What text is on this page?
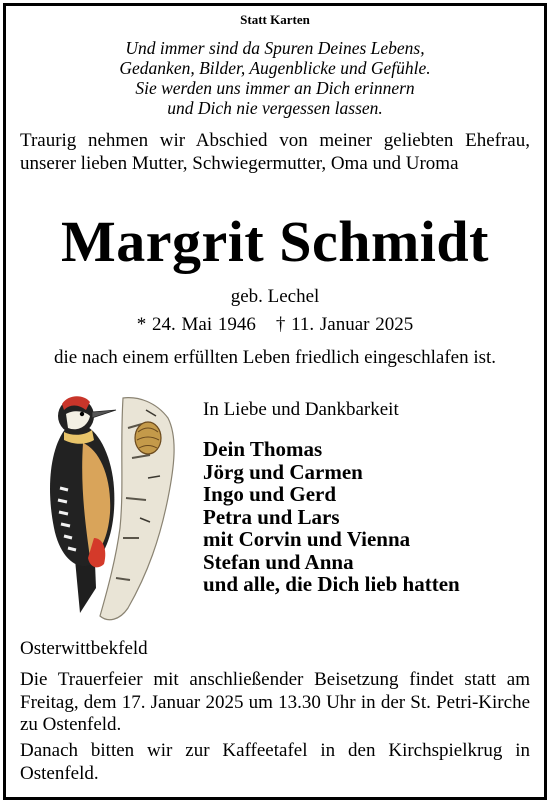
Statt Karten
Und immer sind da Spuren Deines Lebens,
Gedanken, Bilder, Augenblicke und Gefühle.
Sie werden uns immer an Dich erinnern
und Dich nie vergessen lassen.
Traurig nehmen wir Abschied von meiner geliebten Ehefrau, unserer lieben Mutter, Schwiegermutter, Oma und Uroma
Margrit Schmidt
geb. Lechel
* 24. Mai 1946 † 11. Januar 2025
die nach einem erfüllten Leben friedlich eingeschlafen ist.
In Liebe und Dankbarkeit
Dein Thomas
Jörg und Carmen
Ingo und Gerd
Petra und Lars
mit Corvin und Vienna
Stefan und Anna
und alle, die Dich lieb hatten
Osterwittbekfeld
Die Trauerfeier mit anschließender Beisetzung findet statt am Freitag, dem 17. Januar 2025 um 13.30 Uhr in der St. Petri-Kirche zu Ostenfeld.
Danach bitten wir zur Kaffeetafel in den Kirchspielkrug in Ostenfeld.
